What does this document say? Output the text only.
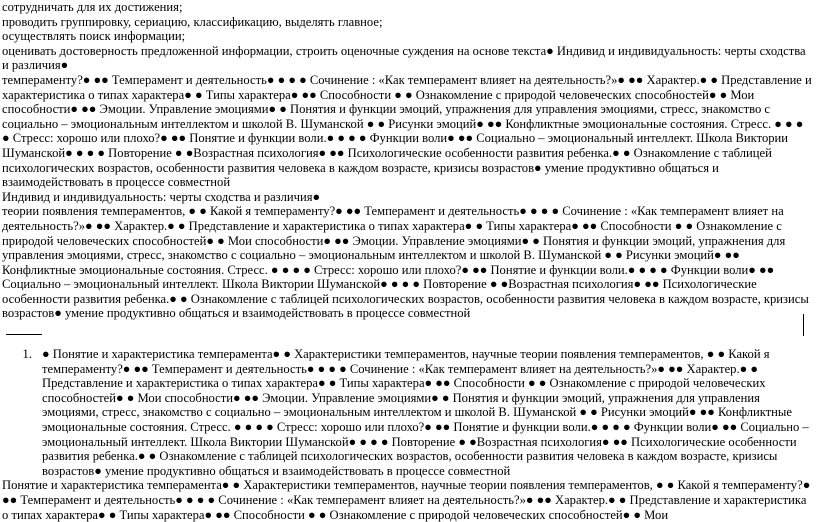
сотрудничать для их достижения;

проводить группировку, сериацию, классификацию, выделять главное;

осуществлять поиск информации;

оценивать достоверность предложенной информации, строить оценочные суждения на основе текста● Индивид и индивидуальность: черты сходства и различия●

темпераменту?● ●● Темперамент и деятельность● ● ● ● Сочинение : «Как темперамент влияет на деятельность?»● ●● Характер.● ● Представление и характеристика о типах характера● ● Типы характера● ●● Способности ● ● Ознакомление с природой человеческих способностей● ● Мои способности● ●● Эмоции. Управление эмоциями● ● Понятия и функции эмоций, упражнения для управления эмоциями, стресс, знакомство с социально – эмоциональным интеллектом и школой В. Шуманской ● ● Рисунки эмоций● ●● Конфликтные эмоциональные состояния. Стресс. ● ● ● ● Стресс: хорошо или плохо?● ●● Понятие и функции воли.● ● ● ● Функции воли● ●● Социально – эмоциональный интеллект. Школа Виктории Шуманской● ● ● ● Повторение ● ●Возрастная психология● ●● Психологические особенности развития ребенка.● ● Ознакомление с таблицей психологических возрастов, особенности развития человека в каждом возрасте, кризисы возрастов● умение продуктивно общаться и взаимодействовать в процессе совместной

Индивид и индивидуальность: черты сходства и различия●

теории появления темпераментов, ● ● Какой я темпераменту?● ●● Темперамент и деятельность● ● ● ● Сочинение : «Как темперамент влияет на деятельность?»● ●● Характер.● ● Представление и характеристика о типах характера● ● Типы характера● ●● Способности ● ● Ознакомление с природой человеческих способностей● ● Мои способности● ●● Эмоции. Управление эмоциями● ● Понятия и функции эмоций, упражнения для управления эмоциями, стресс, знакомство с социально – эмоциональным интеллектом и школой В. Шуманской ● ● Рисунки эмоций● ●● Конфликтные эмоциональные состояния. Стресс. ● ● ● ● Стресс: хорошо или плохо?● ●● Понятие и функции воли.● ● ● ● Функции воли● ●● Социально – эмоциональный интеллект. Школа Виктории Шуманской● ● ● ● Повторение ● ●Возрастная психология● ●● Психологические особенности развития ребенка.● ● Ознакомление с таблицей психологических возрастов, особенности развития человека в каждом возрасте, кризисы возрастов● умение продуктивно общаться и взаимодействовать в процессе совместной

1. ● Понятие и характеристика темперамента● ● Характеристики темпераментов, научные теории появления темпераментов, ● ● Какой я темпераменту?● ●● Темперамент и деятельность● ● ● ● Сочинение : «Как темперамент влияет на деятельность?»● ●● Характер.● ● Представление и характеристика о типах характера● ● Типы характера● ●● Способности ● ● Ознакомление с природой человеческих способностей● ● Мои способности● ●● Эмоции. Управление эмоциями● ● Понятия и функции эмоций, упражнения для управления эмоциями, стресс, знакомство с социально – эмоциональным интеллектом и школой В. Шуманской ● ● Рисунки эмоций● ●● Конфликтные эмоциональные состояния. Стресс. ● ● ● ● Стресс: хорошо или плохо?● ●● Понятие и функции воли.● ● ● ● Функции воли● ●● Социально – эмоциональный интеллект. Школа Виктории Шуманской● ● ● ● Повторение ● ●Возрастная психология● ●● Психологические особенности развития ребенка.● ● Ознакомление с таблицей психологических возрастов, особенности развития человека в каждом возрасте, кризисы возрастов● умение продуктивно общаться и взаимодействовать в процессе совместной

Понятие и характеристика темперамента● ● Характеристики темпераментов, научные теории появления темпераментов, ● ● Какой я темпераменту?● ●● Темперамент и деятельность● ● ● ● Сочинение : «Как темперамент влияет на деятельность?»● ●● Характер.● ● Представление и характеристика о типах характера● ● Типы характера● ●● Способности ● ● Ознакомление с природой человеческих способностей● ● Мои
